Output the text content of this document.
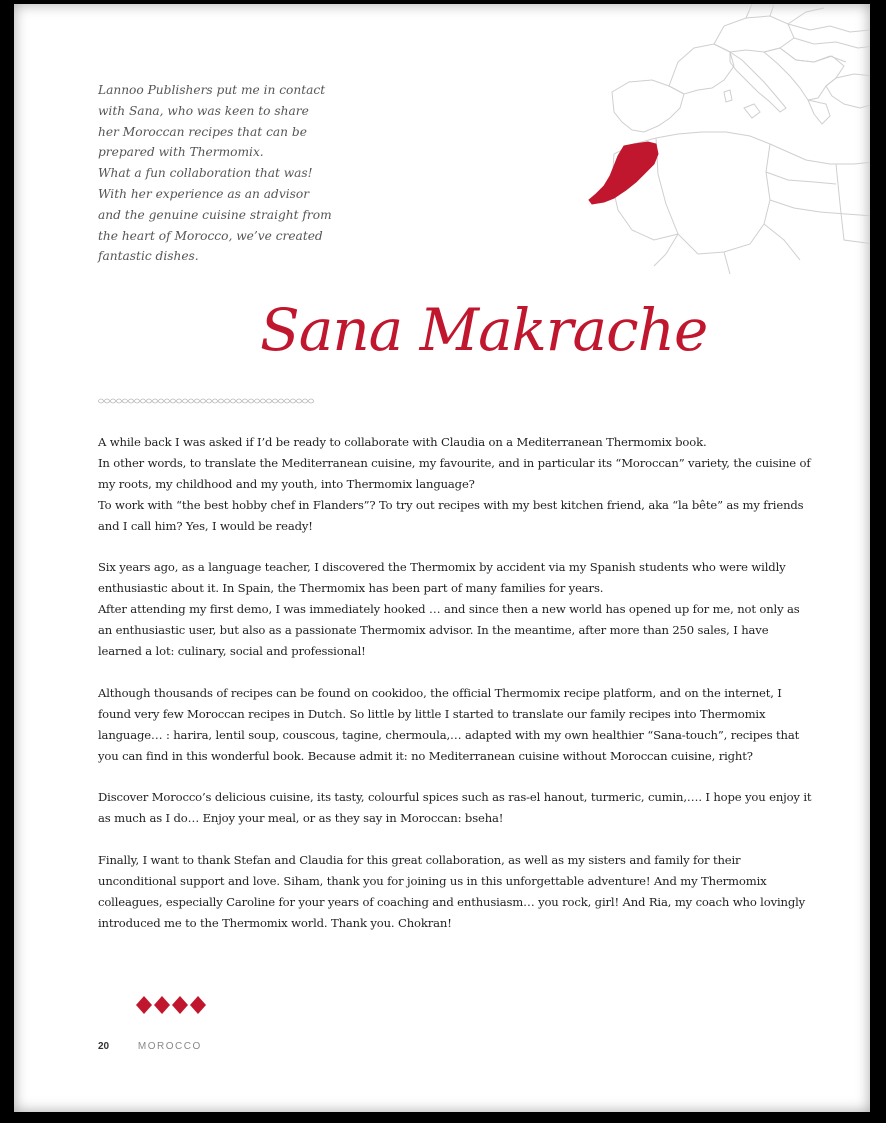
Lannoo Publishers put me in contact

with Sana, who was keen to share

her Moroccan recipes that can be

prepared with Thermomix.

What a fun collaboration that was!

With her experience as an advisor

and the genuine cuisine straight from

the heart of Morocco, we’ve created

fantastic dishes.

Sana Makrache

A while back I was asked if I’d be ready to collaborate with Claudia on a Mediterranean Thermomix book.
In other words, to translate the Mediterranean cuisine, my favourite, and in particular its “Moroccan” variety, the cuisine of my roots, my childhood and my youth, into Thermomix language?
To work with “the best hobby chef in Flanders”? To try out recipes with my best kitchen friend, aka “la bête” as my friends and I call him? Yes, I would be ready!

Six years ago, as a language teacher, I discovered the Thermomix by accident via my Spanish students who were wildly enthusiastic about it. In Spain, the Thermomix has been part of many families for years.
After attending my first demo, I was immediately hooked … and since then a new world has opened up for me, not only as an enthusiastic user, but also as a passionate Thermomix advisor. In the meantime, after more than 250 sales, I have learned a lot: culinary, social and professional!

Although thousands of recipes can be found on cookidoo, the official Thermomix recipe platform, and on the internet, I found very few Moroccan recipes in Dutch. So little by little I started to translate our family recipes into Thermomix language… : harira, lentil soup, couscous, tagine, chermoula,… adapted with my own healthier “Sana-touch”, recipes that you can find in this wonderful book. Because admit it: no Mediterranean cuisine without Moroccan cuisine, right?

Discover Morocco’s delicious cuisine, its tasty, colourful spices such as ras-el hanout, turmeric, cumin,…. I hope you enjoy it as much as I do… Enjoy your meal, or as they say in Moroccan: bseha!

Finally, I want to thank Stefan and Claudia for this great collaboration, as well as my sisters and family for their unconditional support and love. Siham, thank you for joining us in this unforgettable adventure! And my Thermomix colleagues, especially Caroline for your years of coaching and enthusiasm… you rock, girl! And Ria, my coach who lovingly introduced me to the Thermomix world. Thank you. Chokran!

20	MOROCCO
